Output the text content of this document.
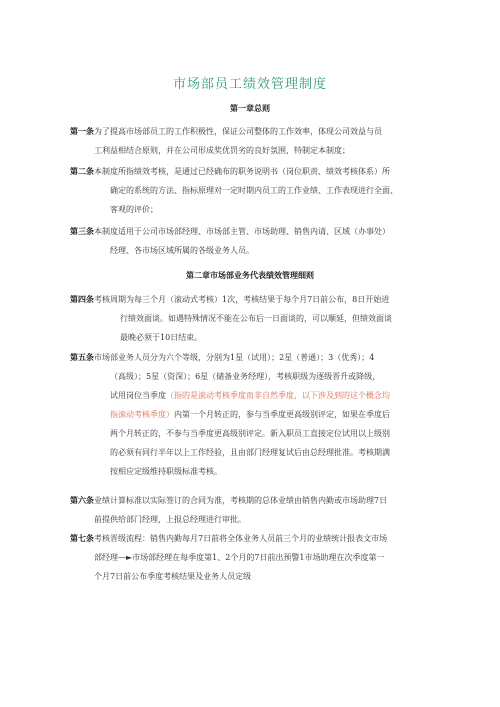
市场部员工绩效管理制度
第一章总则
第一条为了提高市场部员工的工作积极性，保证公司整体的工作效率，体现公司效益与员
工利益相结合原则，并在公司形成奖优罚劣的良好氛围，特制定本制度；
第二条本制度所指绩效考核，是通过已经确布的职务说明书（岗位职责、绩效考核体系）所
确定的系统的方法、指标原理对一定时期内员工的工作业绩、工作表现进行全面、
客观的评价；
第三条本制度适用于公司市场部经理、市场部主管、市场助理、销售内请、区域（办事处）
经理、各市场区域所属的各级业务人员。
第二章市场部业务代表绩效管理细则
第四条考核周期为每三个月（滚动式考核）1次，考核结果于每个月7日前公布，8日开始进
行绩效面谈。如遇特殊情况不能在公布后一日面谈的，可以顺延，但绩效面谈
最晚必须于10日结束。
第五条市场部业务人员分为六个等级，分别为1星（试用）；2星（普通）；3（优秀）；4
（高级）；5星（资深）；6星（储备业务经理），考核职级为逐级晋升或降级，
试用岗位当季度（指的是滚动考核季度而非自然季度，以下涉及到的这个概念均
指滚动考核季度）内第一个月转正的，参与当季度更高级别评定，如果在季度后
两个月转正的，不参与当季度更高级别评定。新入职员工直接定位试用以上级别
的必须有同行半年以上工作经验，且由部门经理复试后由总经理批准。考核期满
按相应定级维持职级标准考核。
第六条业绩计算标准以实际签订的合同为准，考核期的总体业绩由销售内勤或市场助理7日
前提供给部门经理，上报总经理进行审批。
第七条考核晋级流程：销售内勤每月7日前将全体业务人员前三个月的业绩统计报表文市场
部经理—►市场部经理在每季度第1、2个月的7日前出预警1市场助理在次季度第一
个月7日前公布季度考核结果及业务人员定级
